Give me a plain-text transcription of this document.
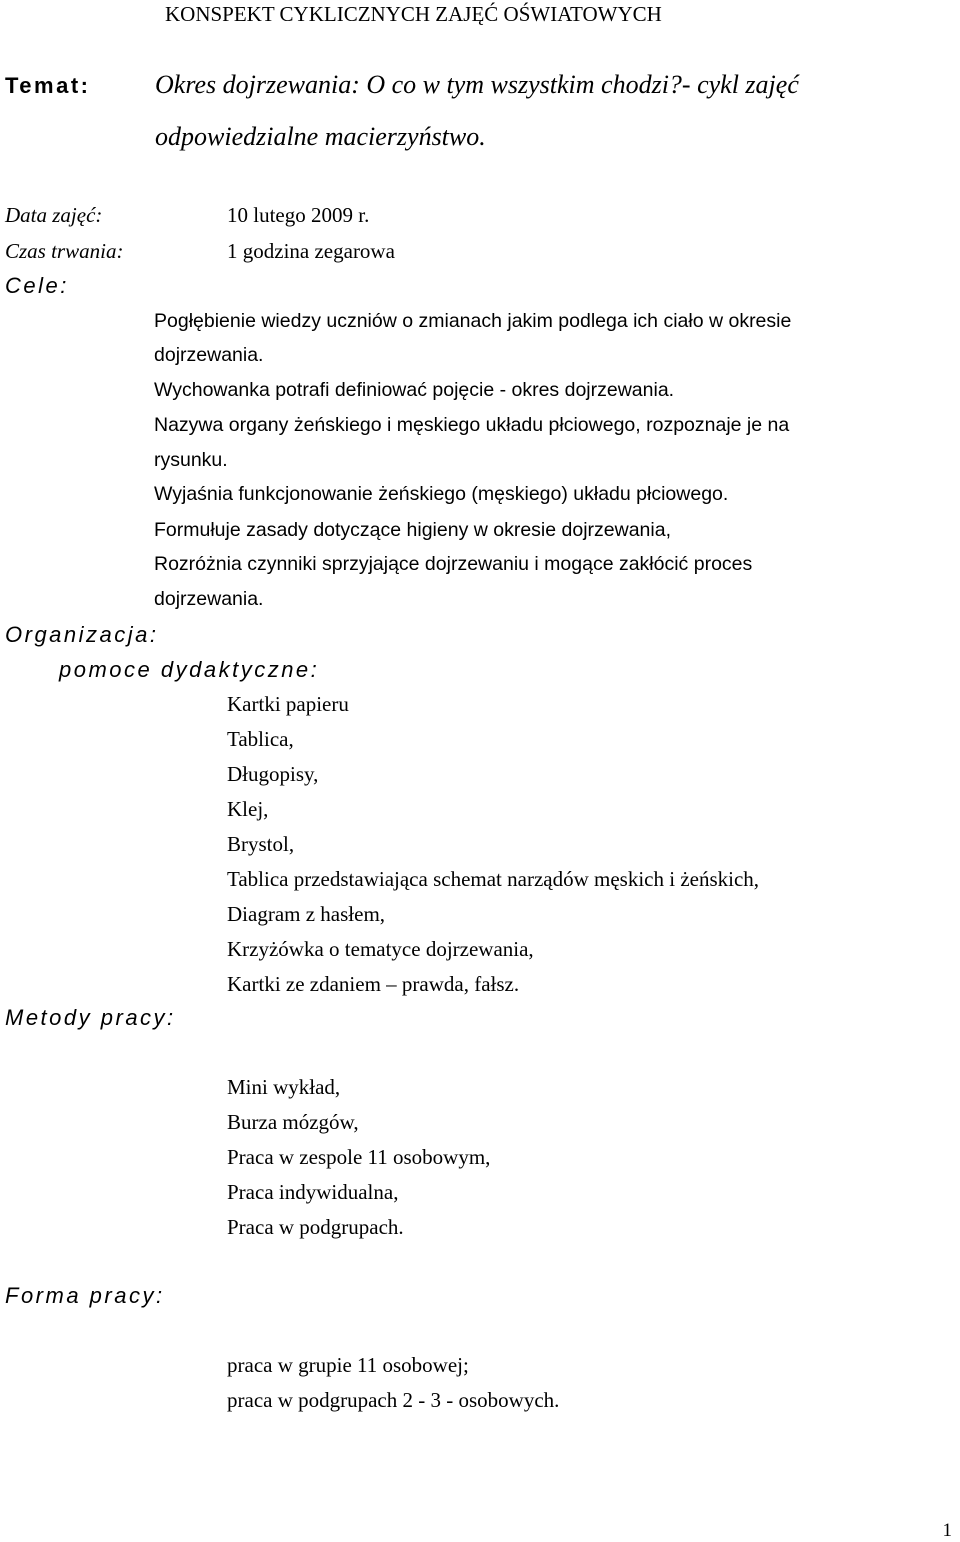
KONSPEKT CYKLICZNYCH ZAJĘĆ OŚWIATOWYCH
Temat: Okres dojrzewania: O co w tym wszystkim chodzi?- cykl zajęć
odpowiedzialne macierzyństwo.
Data zajęć:	10 lutego 2009 r.
Czas trwania:	1 godzina zegarowa
Cele:
Pogłębienie wiedzy uczniów o zmianach jakim podlega ich ciało w okresie
dojrzewania.
Wychowanka potrafi definiować pojęcie - okres dojrzewania.
Nazywa organy żeńskiego i męskiego układu płciowego, rozpoznaje je na
rysunku.
Wyjaśnia funkcjonowanie żeńskiego (męskiego) układu płciowego.
Formułuje zasady dotyczące higieny w okresie dojrzewania,
Rozróżnia czynniki sprzyjające dojrzewaniu i mogące zakłócić proces
dojrzewania.
Organizacja:
pomoce dydaktyczne:
Kartki papieru
Tablica,
Długopisy,
Klej,
Brystol,
Tablica przedstawiająca schemat narządów męskich i żeńskich,
Diagram z hasłem,
Krzyżówka o tematyce dojrzewania,
Kartki ze zdaniem – prawda, fałsz.
Metody pracy:
Mini wykład,
Burza mózgów,
Praca w zespole 11 osobowym,
Praca indywidualna,
Praca w podgrupach.
Forma pracy:
praca w grupie 11 osobowej;
praca w podgrupach 2 - 3 - osobowych.
1
